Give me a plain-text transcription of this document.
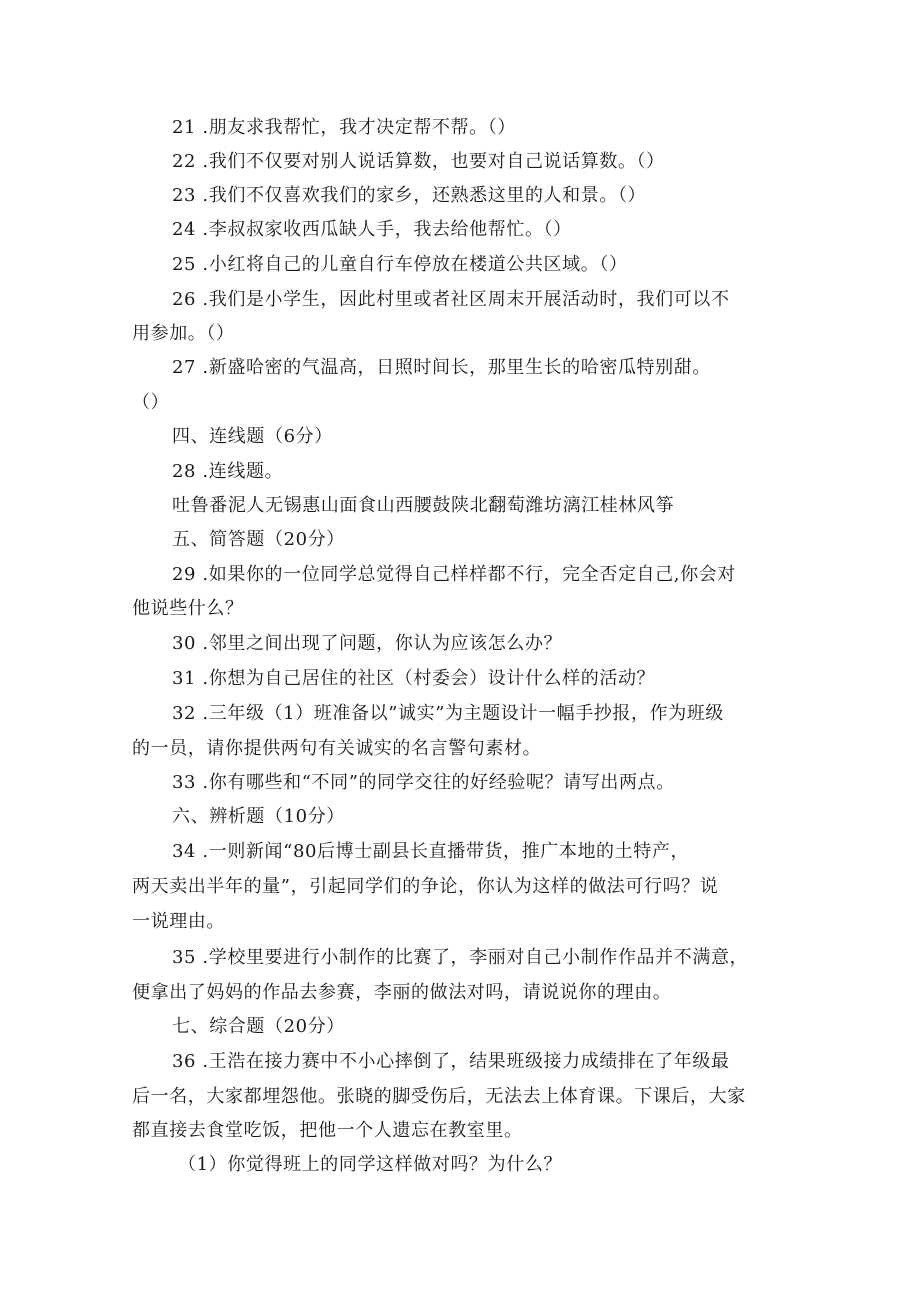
21 .朋友求我帮忙，我才决定帮不帮。（）
22 .我们不仅要对别人说话算数，也要对自己说话算数。（）
23 .我们不仅喜欢我们的家乡，还熟悉这里的人和景。（）
24 .李叔叔家收西瓜缺人手，我去给他帮忙。（）
25 .小红将自己的儿童自行车停放在楼道公共区域。（）
26 .我们是小学生，因此村里或者社区周末开展活动时，我们可以不
用参加。（）
27 .新盛哈密的气温高，日照时间长，那里生长的哈密瓜特别甜。
（）
四、连线题（6分）
28 .连线题。
吐鲁番泥人无锡惠山面食山西腰鼓陕北翻萄潍坊漓江桂林风筝
五、简答题（20分）
29 .如果你的一位同学总觉得自己样样都不行，完全否定自己,你会对
他说些什么？
30 .邻里之间出现了问题，你认为应该怎么办？
31 .你想为自己居住的社区（村委会）设计什么样的活动？
32 .三年级（1）班准备以”诚实”为主题设计一幅手抄报，作为班级
的一员，请你提供两句有关诚实的名言警句素材。
33 .你有哪些和“不同”的同学交往的好经验呢？请写出两点。
六、辨析题（10分）
34 .一则新闻“80后博士副县长直播带货，推广本地的土特产，
两天卖出半年的量”，引起同学们的争论，你认为这样的做法可行吗？说
一说理由。
35 .学校里要进行小制作的比赛了，李丽对自己小制作作品并不满意，
便拿出了妈妈的作品去参赛，李丽的做法对吗，请说说你的理由。
七、综合题（20分）
36 .王浩在接力赛中不小心摔倒了，结果班级接力成绩排在了年级最
后一名，大家都埋怨他。张晓的脚受伤后，无法去上体育课。下课后，大家
都直接去食堂吃饭，把他一个人遗忘在教室里。
（1）你觉得班上的同学这样做对吗？为什么？
